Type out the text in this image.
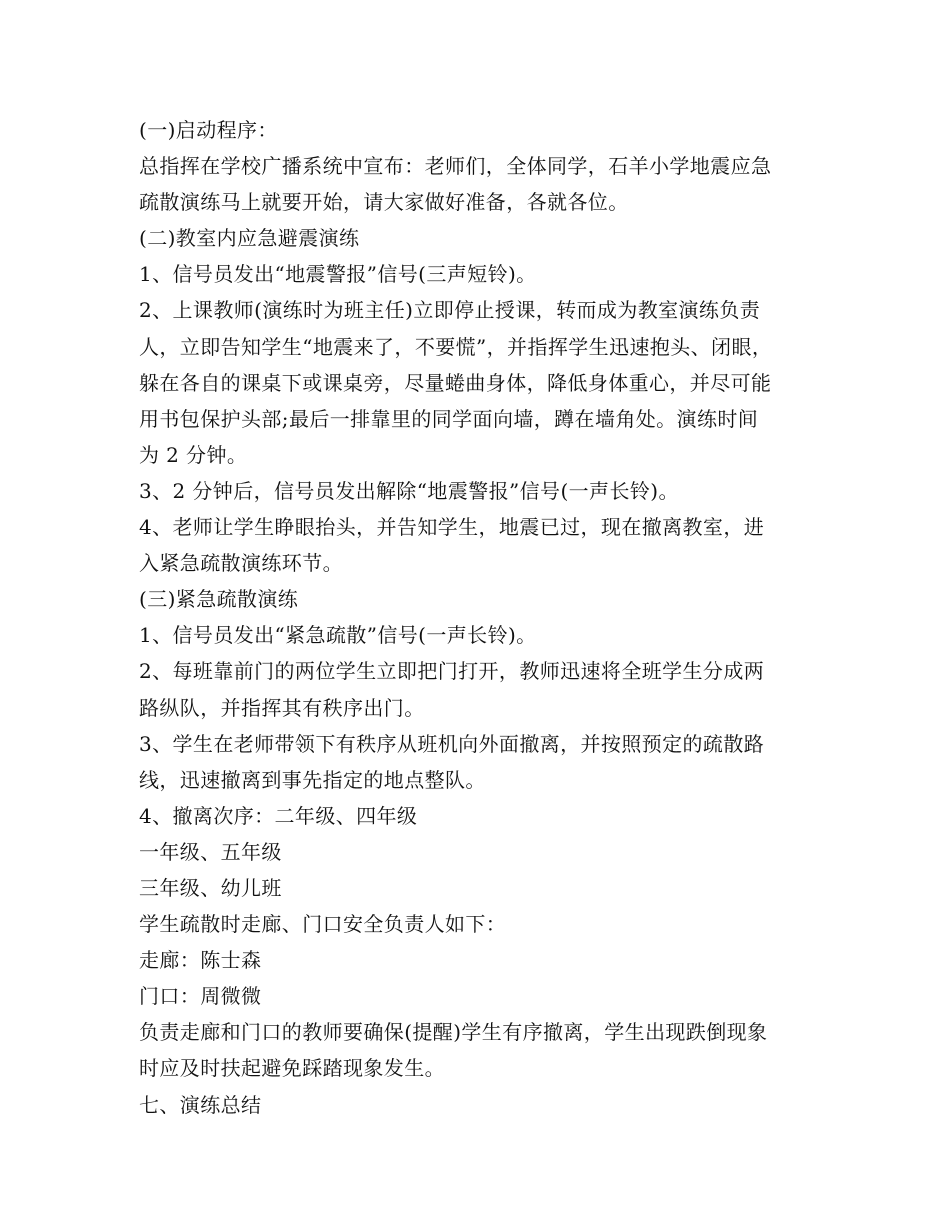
(一)启动程序：
总指挥在学校广播系统中宣布：老师们，全体同学，石羊小学地震应急
疏散演练马上就要开始，请大家做好准备，各就各位。
(二)教室内应急避震演练
1、信号员发出“地震警报”信号(三声短铃)。
2、上课教师(演练时为班主任)立即停止授课，转而成为教室演练负责
人，立即告知学生“地震来了，不要慌”，并指挥学生迅速抱头、闭眼，
躲在各自的课桌下或课桌旁，尽量蜷曲身体，降低身体重心，并尽可能
用书包保护头部;最后一排靠里的同学面向墙，蹲在墙角处。演练时间
为 2 分钟。
3、2 分钟后，信号员发出解除“地震警报”信号(一声长铃)。
4、老师让学生睁眼抬头，并告知学生，地震已过，现在撤离教室，进
入紧急疏散演练环节。
(三)紧急疏散演练
1、信号员发出“紧急疏散”信号(一声长铃)。
2、每班靠前门的两位学生立即把门打开，教师迅速将全班学生分成两
路纵队，并指挥其有秩序出门。
3、学生在老师带领下有秩序从班机向外面撤离，并按照预定的疏散路
线，迅速撤离到事先指定的地点整队。
4、撤离次序：二年级、四年级
一年级、五年级
三年级、幼儿班
学生疏散时走廊、门口安全负责人如下：
走廊：陈士森
门口：周微微
负责走廊和门口的教师要确保(提醒)学生有序撤离，学生出现跌倒现象
时应及时扶起避免踩踏现象发生。
七、演练总结
